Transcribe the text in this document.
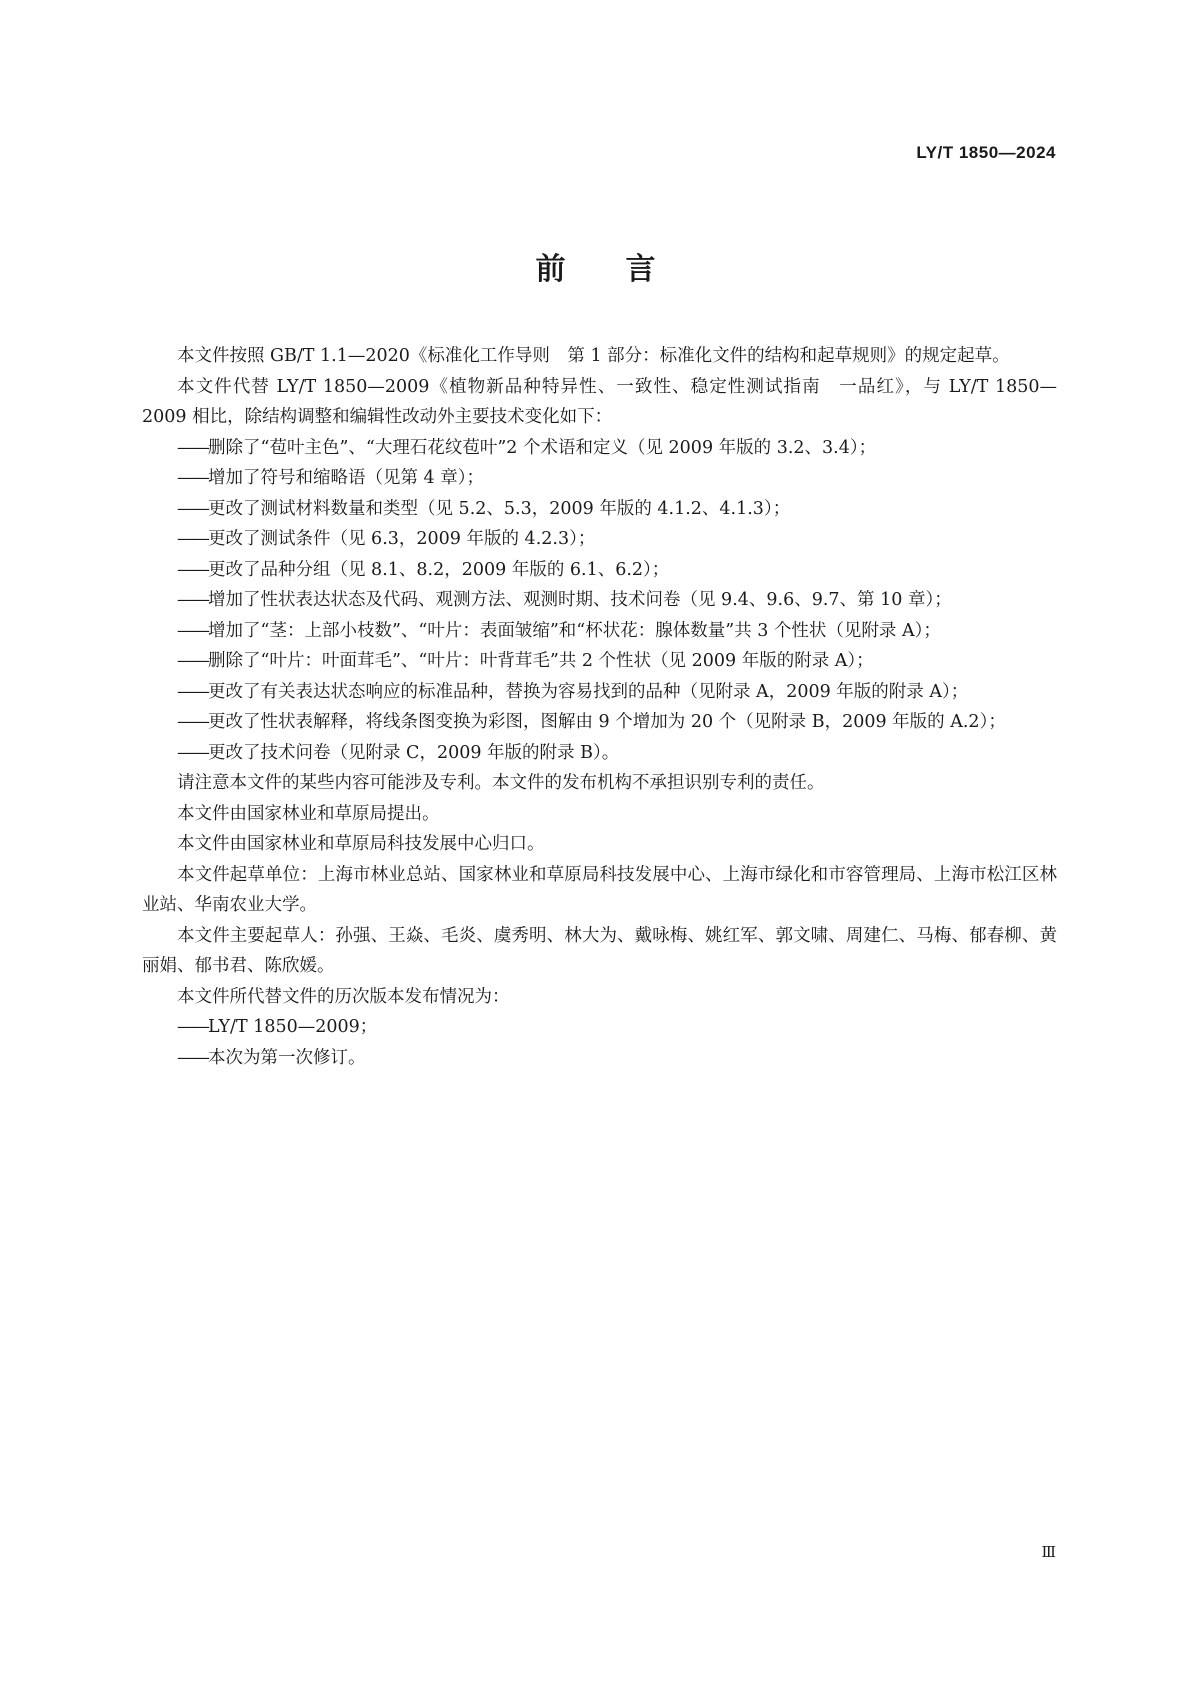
LY/T 1850—2024
前言

本文件按照 GB/T 1.1—2020《标准化工作导则　第 1 部分：标准化文件的结构和起草规则》的规定起草。

本文件代替 LY/T 1850—2009《植物新品种特异性、一致性、稳定性测试指南　一品红》，与 LY/T 1850—2009 相比，除结构调整和编辑性改动外主要技术变化如下：

——删除了“苞叶主色”、“大理石花纹苞叶”2 个术语和定义（见 2009 年版的 3.2、3.4）；

——增加了符号和缩略语（见第 4 章）；

——更改了测试材料数量和类型（见 5.2、5.3，2009 年版的 4.1.2、4.1.3）；

——更改了测试条件（见 6.3，2009 年版的 4.2.3）；

——更改了品种分组（见 8.1、8.2，2009 年版的 6.1、6.2）；

——增加了性状表达状态及代码、观测方法、观测时期、技术问卷（见 9.4、9.6、9.7、第 10 章）；

——增加了“茎：上部小枝数”、“叶片：表面皱缩”和“杯状花：腺体数量”共 3 个性状（见附录 A）；

——删除了“叶片：叶面茸毛”、“叶片：叶背茸毛”共 2 个性状（见 2009 年版的附录 A）；

——更改了有关表达状态响应的标准品种，替换为容易找到的品种（见附录 A，2009 年版的附录 A）；

——更改了性状表解释，将线条图变换为彩图，图解由 9 个增加为 20 个（见附录 B，2009 年版的 A.2）；

——更改了技术问卷（见附录 C，2009 年版的附录 B）。

请注意本文件的某些内容可能涉及专利。本文件的发布机构不承担识别专利的责任。

本文件由国家林业和草原局提出。

本文件由国家林业和草原局科技发展中心归口。

本文件起草单位：上海市林业总站、国家林业和草原局科技发展中心、上海市绿化和市容管理局、上海市松江区林业站、华南农业大学。

本文件主要起草人：孙强、王焱、毛炎、虞秀明、林大为、戴咏梅、姚红军、郭文啸、周建仁、马梅、郁春柳、黄丽娟、郁书君、陈欣媛。

本文件所代替文件的历次版本发布情况为：

——LY/T 1850—2009；

——本次为第一次修订。

Ⅲ
